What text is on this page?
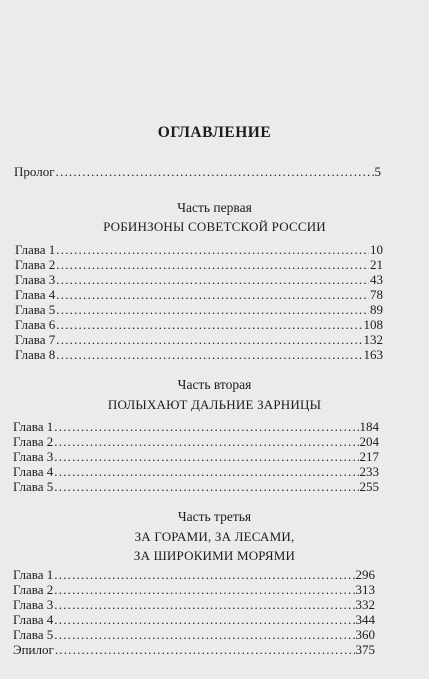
ОГЛАВЛЕНИЕ
Пролог .....	5
Часть первая
РОБИНЗОНЫ СОВЕТСКОЙ РОССИИ
Глава 1 .....	10
Глава 2 .....	21
Глава 3 .....	43
Глава 4 .....	78
Глава 5 .....	89
Глава 6 .....	108
Глава 7 .....	132
Глава 8 .....	163
Часть вторая
ПОЛЫХАЮТ ДАЛЬНИЕ ЗАРНИЦЫ
Глава 1 .....	184
Глава 2 .....	204
Глава 3 .....	217
Глава 4 .....	233
Глава 5 .....	255
Часть третья
ЗА ГОРАМИ, ЗА ЛЕСАМИ,
ЗА ШИРОКИМИ МОРЯМИ
Глава 1 .....	296
Глава 2 .....	313
Глава 3 .....	332
Глава 4 .....	344
Глава 5 .....	360
Эпилог .....	375
